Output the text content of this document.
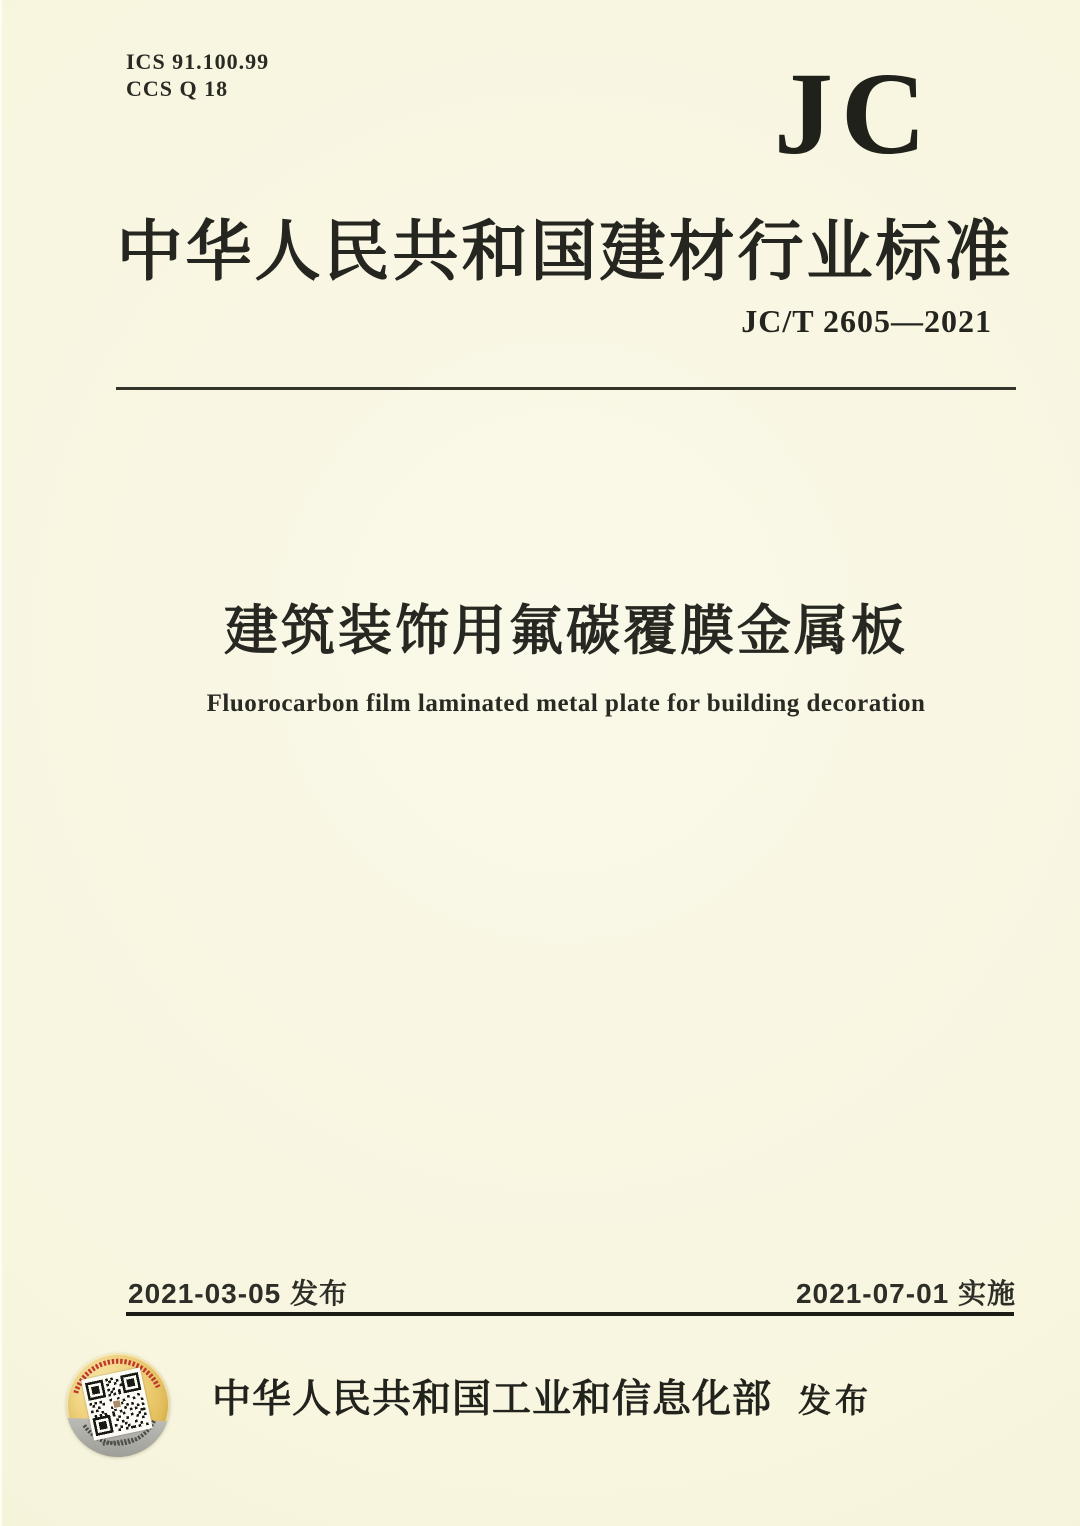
ICS 91.100.99
CCS Q 18	JC
中华人民共和国建材行业标准
JC/T 2605—2021
建筑装饰用氟碳覆膜金属板
Fluorocarbon film laminated metal plate for building decoration
2021-03-05 发布	2021-07-01 实施
中华人民共和国工业和信息化部 发布
